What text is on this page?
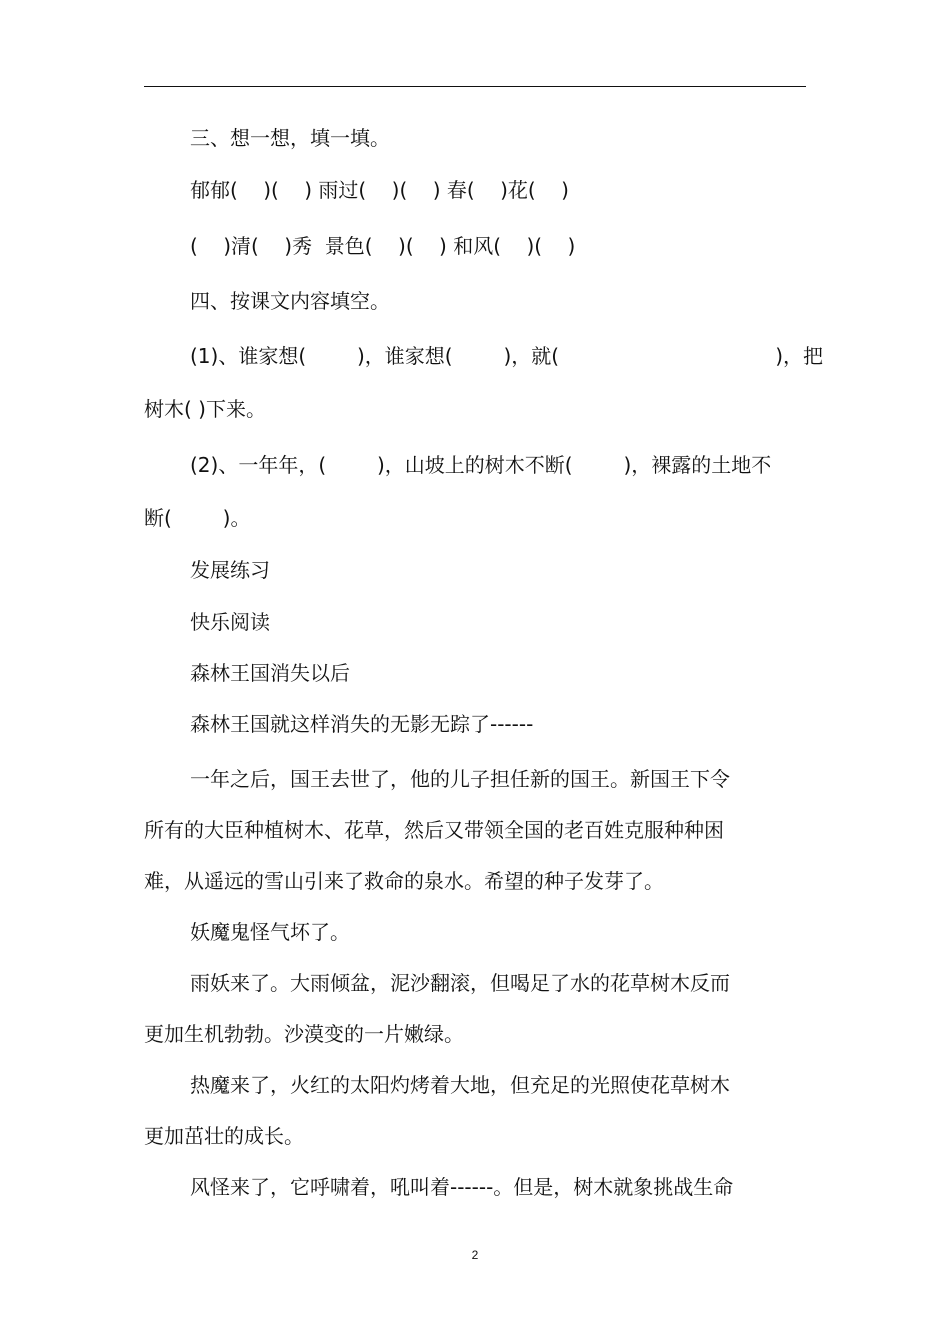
三、想一想，填一填。

郁郁(    )(    ) 雨过(    )(    ) 春(    )花(    )

(    )清(    )秀  景色(    )(    ) 和风(    )(    )

四、按课文内容填空。

(1)、谁家想(        )，谁家想(        )，就(                                  )，把

树木( )下来。

(2)、一年年，(        )，山坡上的树木不断(        )，裸露的土地不

断(        )。

发展练习

快乐阅读

森林王国消失以后

森林王国就这样消失的无影无踪了------

一年之后，国王去世了，他的儿子担任新的国王。新国王下令

所有的大臣种植树木、花草，然后又带领全国的老百姓克服种种困

难，从遥远的雪山引来了救命的泉水。希望的种子发芽了。

妖魔鬼怪气坏了。

雨妖来了。大雨倾盆，泥沙翻滚，但喝足了水的花草树木反而

更加生机勃勃。沙漠变的一片嫩绿。

热魔来了，火红的太阳灼烤着大地，但充足的光照使花草树木

更加茁壮的成长。

风怪来了，它呼啸着，吼叫着------。但是，树木就象挑战生命

2
